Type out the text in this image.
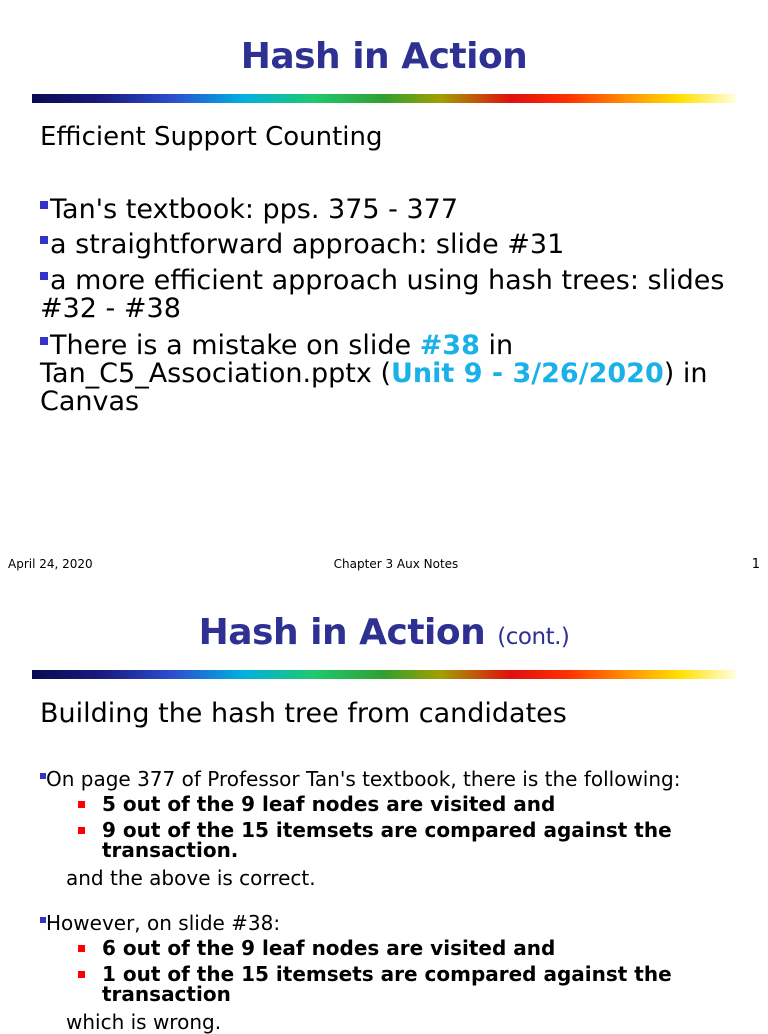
Hash in Action
Efficient Support Counting
Tan's textbook: pps. 375 - 377
a straightforward approach: slide #31
a more efficient approach using hash trees: slides
#32 - #38
There is a mistake on slide #38 in
Tan_C5_Association.pptx (Unit 9 - 3/26/2020) in
Canvas
April 24, 2020	Chapter 3 Aux Notes	1
Hash in Action (cont.)
Building the hash tree from candidates
On page 377 of Professor Tan's textbook, there is the following:
5 out of the 9 leaf nodes are visited and
9 out of the 15 itemsets are compared against the
transaction.
and the above is correct.
However, on slide #38:
6 out of the 9 leaf nodes are visited and
1 out of the 15 itemsets are compared against the
transaction
which is wrong.
